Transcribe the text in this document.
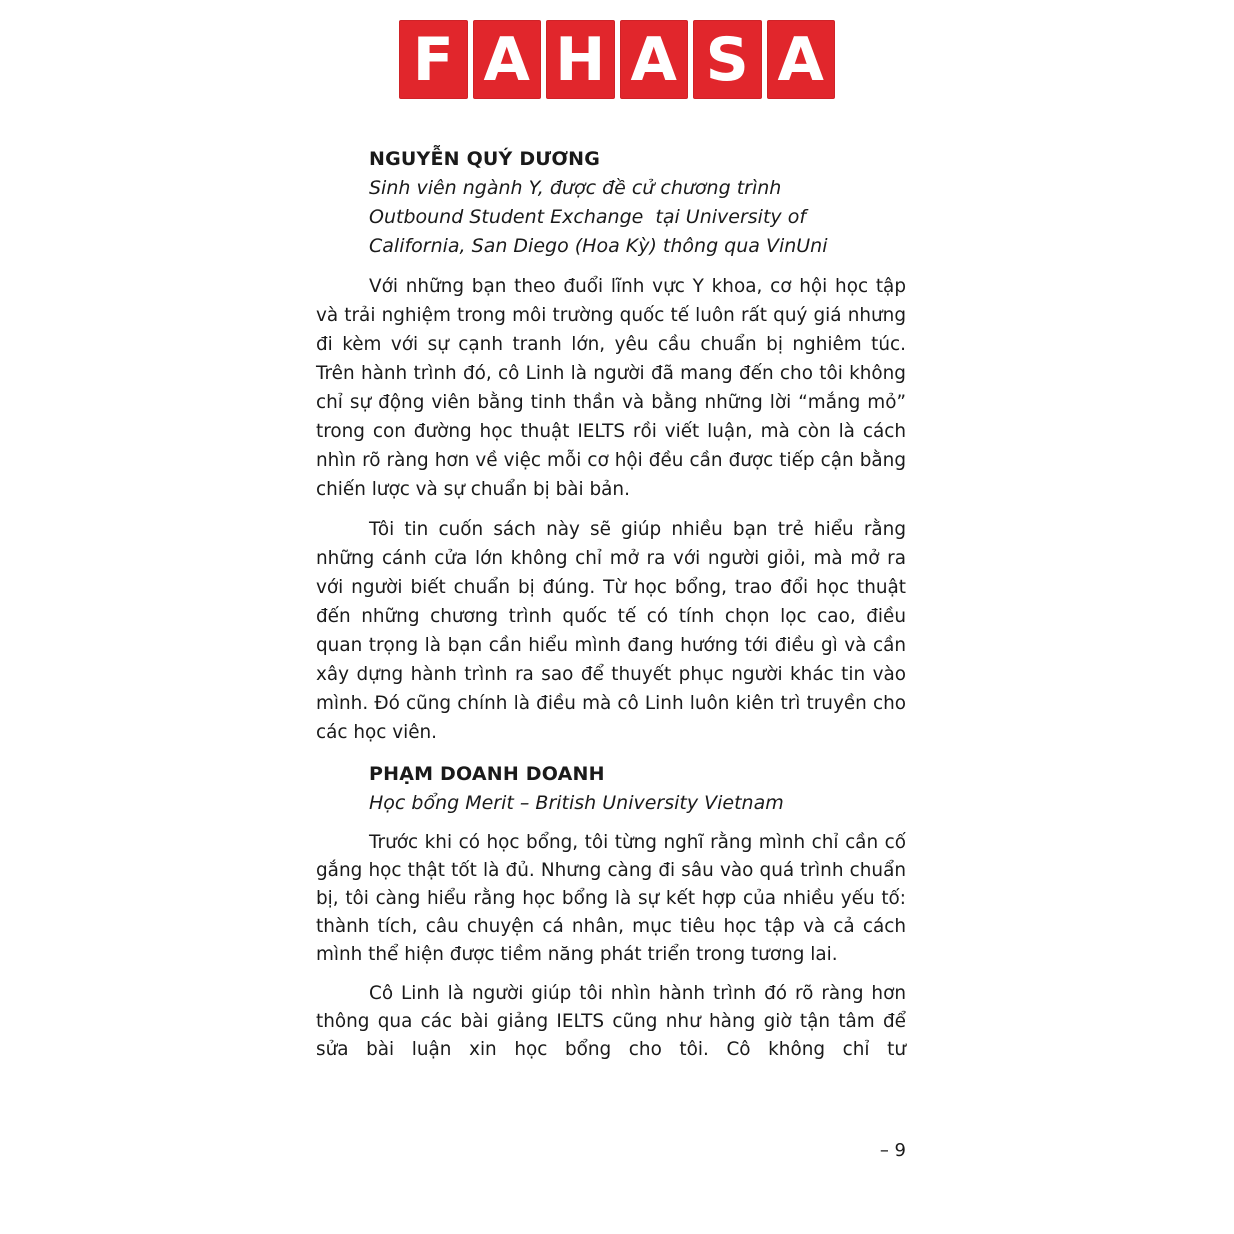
F A H A S A
NGUYỄN QUÝ DƯƠNG
Sinh viên ngành Y, được đề cử chương trình
Outbound Student Exchange  tại University of
California, San Diego (Hoa Kỳ) thông qua VinUni

Với những bạn theo đuổi lĩnh vực Y khoa, cơ hội học tập và trải nghiệm trong môi trường quốc tế luôn rất quý giá nhưng đi kèm với sự cạnh tranh lớn, yêu cầu chuẩn bị nghiêm túc. Trên hành trình đó, cô Linh là người đã mang đến cho tôi không chỉ sự động viên bằng tinh thần và bằng những lời “mắng mỏ” trong con đường học thuật IELTS rồi viết luận, mà còn là cách nhìn rõ ràng hơn về việc mỗi cơ hội đều cần được tiếp cận bằng chiến lược và sự chuẩn bị bài bản.

Tôi tin cuốn sách này sẽ giúp nhiều bạn trẻ hiểu rằng những cánh cửa lớn không chỉ mở ra với người giỏi, mà mở ra với người biết chuẩn bị đúng. Từ học bổng, trao đổi học thuật đến những chương trình quốc tế có tính chọn lọc cao, điều quan trọng là bạn cần hiểu mình đang hướng tới điều gì và cần xây dựng hành trình ra sao để thuyết phục người khác tin vào mình. Đó cũng chính là điều mà cô Linh luôn kiên trì truyền cho các học viên.

PHẠM DOANH DOANH
Học bổng Merit – British University Vietnam

Trước khi có học bổng, tôi từng nghĩ rằng mình chỉ cần cố gắng học thật tốt là đủ. Nhưng càng đi sâu vào quá trình chuẩn bị, tôi càng hiểu rằng học bổng là sự kết hợp của nhiều yếu tố: thành tích, câu chuyện cá nhân, mục tiêu học tập và cả cách mình thể hiện được tiềm năng phát triển trong tương lai.

Cô Linh là người giúp tôi nhìn hành trình đó rõ ràng hơn thông qua các bài giảng IELTS cũng như hàng giờ tận tâm để sửa bài luận xin học bổng cho tôi. Cô không chỉ tư

– 9
